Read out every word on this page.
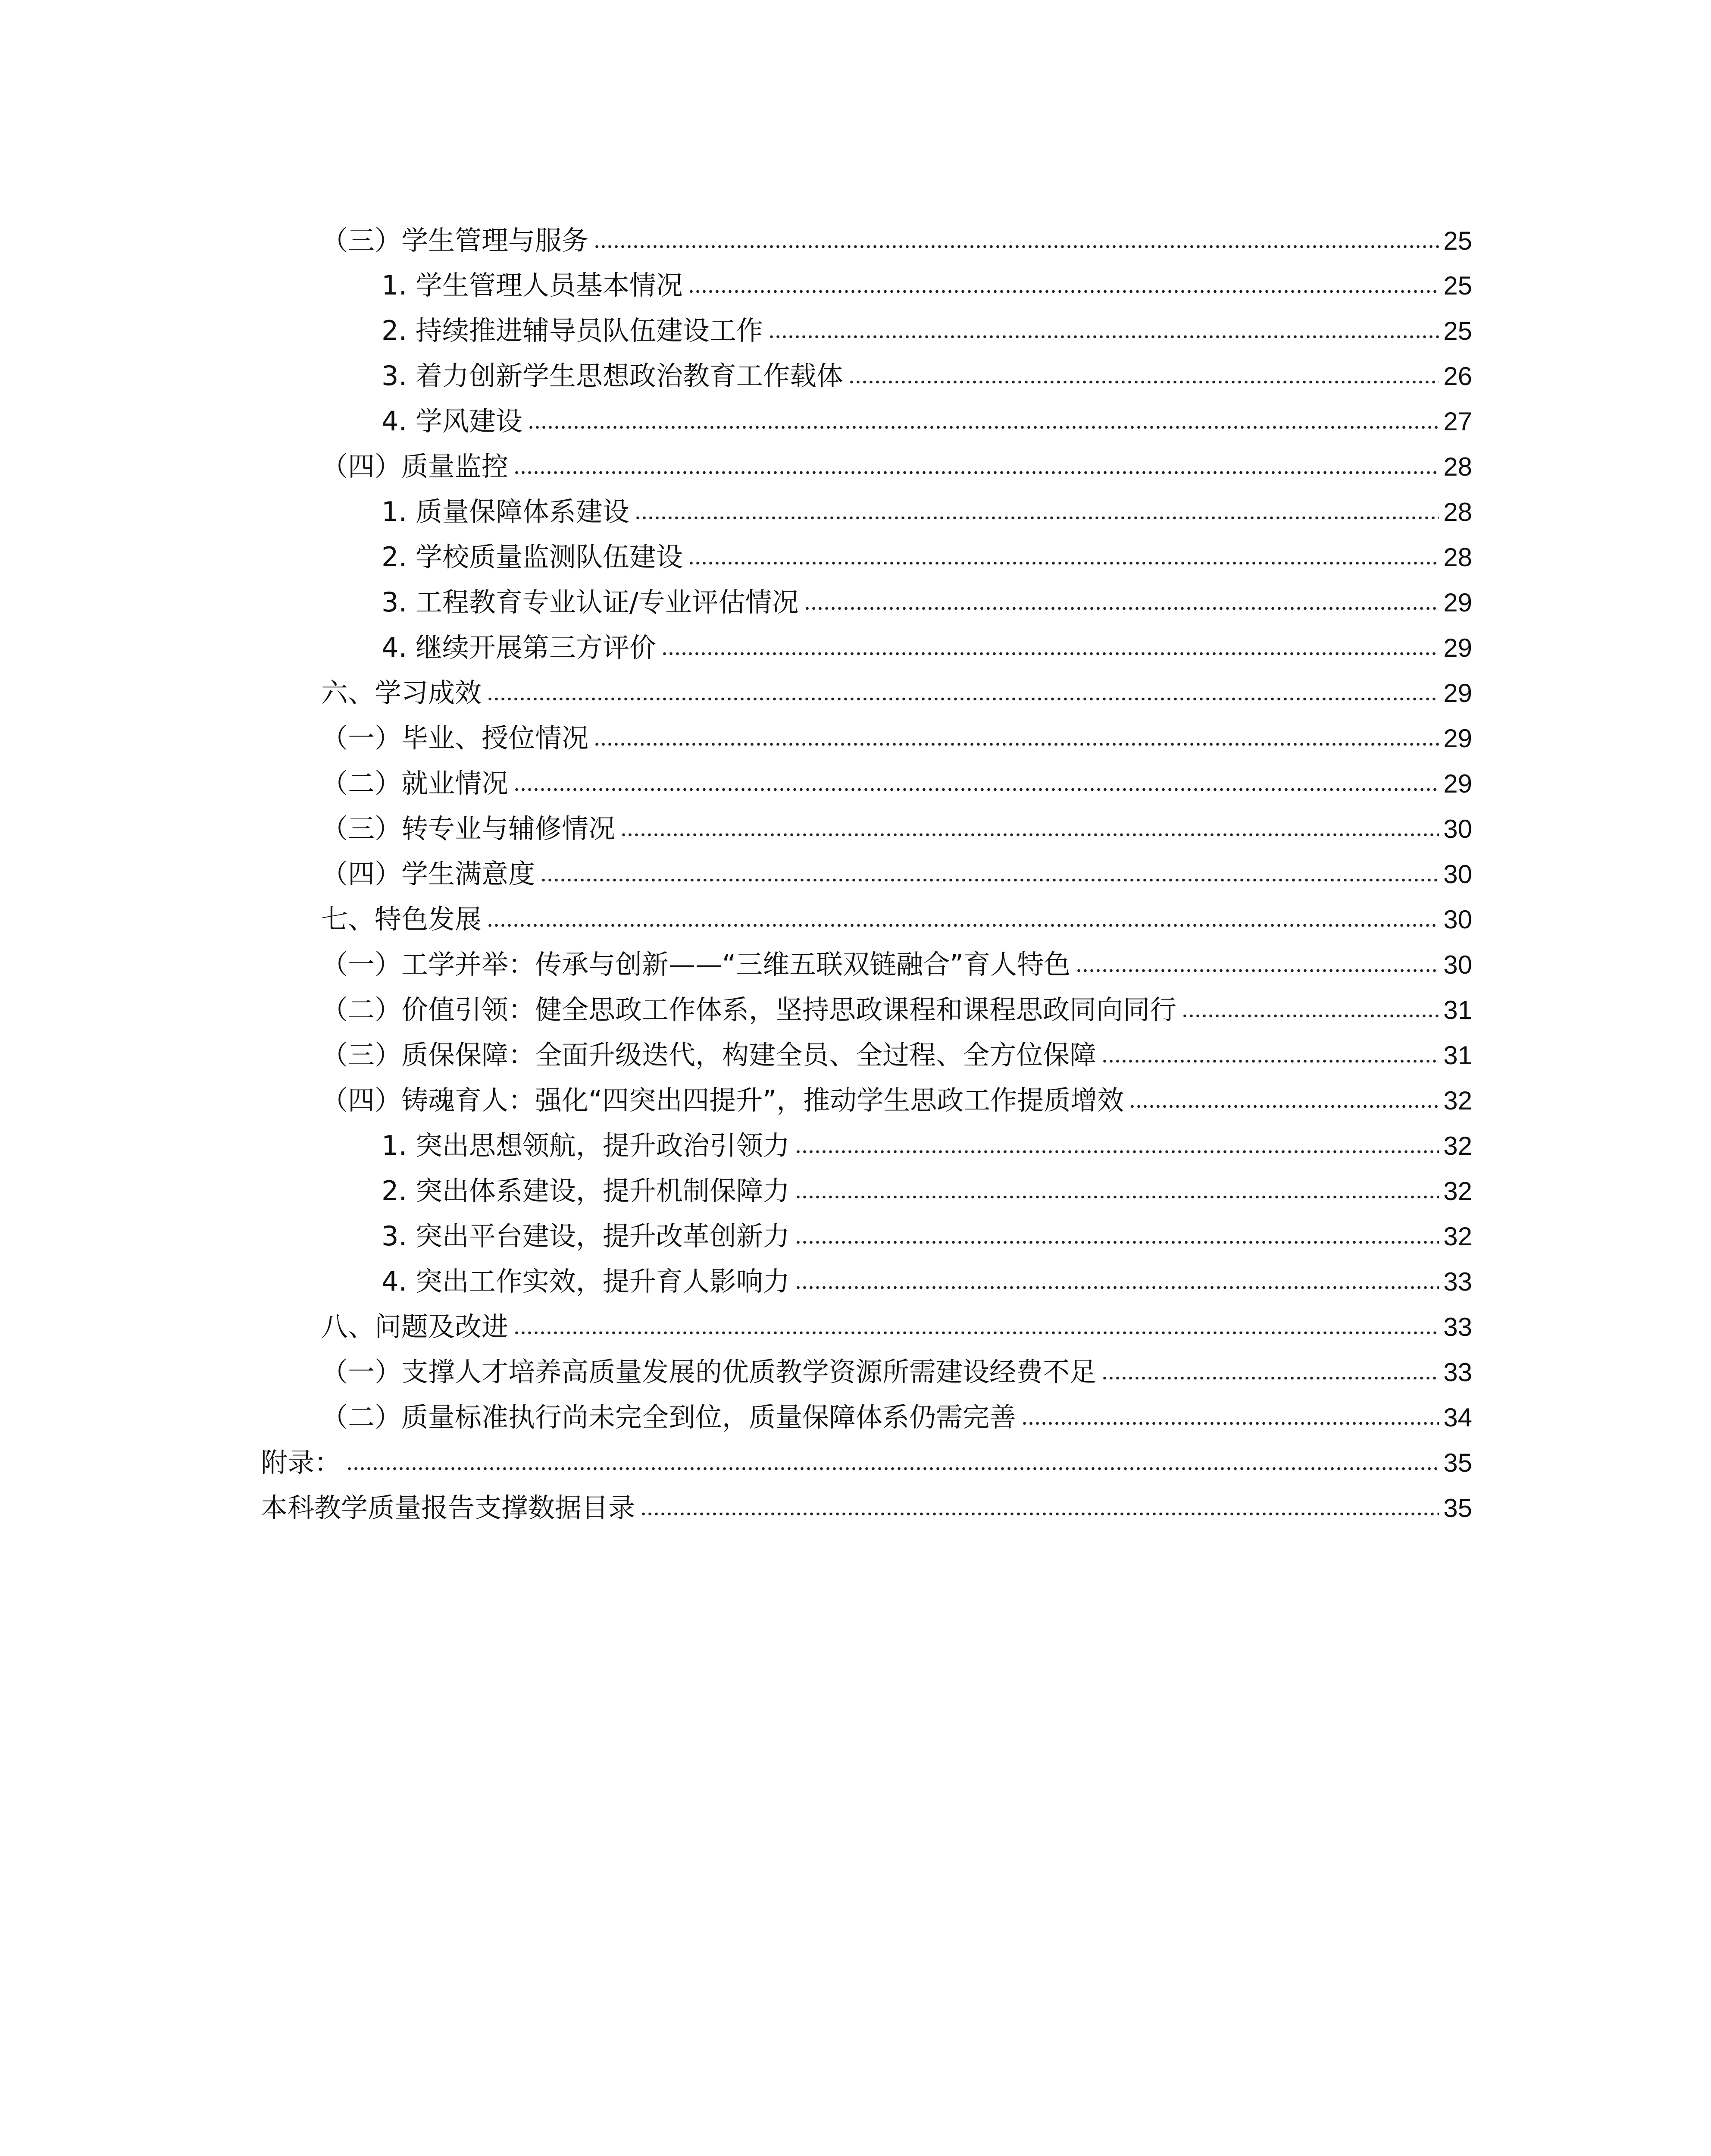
（三）学生管理与服务	25
1. 学生管理人员基本情况	25
2. 持续推进辅导员队伍建设工作	25
3. 着力创新学生思想政治教育工作载体	26
4. 学风建设	27
（四）质量监控	28
1. 质量保障体系建设	28
2. 学校质量监测队伍建设	28
3. 工程教育专业认证/专业评估情况	29
4. 继续开展第三方评价	29
六、学习成效	29
（一）毕业、授位情况	29
（二）就业情况	29
（三）转专业与辅修情况	30
（四）学生满意度	30
七、特色发展	30
（一）工学并举：传承与创新——“三维五联双链融合”育人特色	30
（二）价值引领：健全思政工作体系，坚持思政课程和课程思政同向同行	31
（三）质保保障：全面升级迭代，构建全员、全过程、全方位保障	31
（四）铸魂育人：强化“四突出四提升”，推动学生思政工作提质增效	32
1. 突出思想领航，提升政治引领力	32
2. 突出体系建设，提升机制保障力	32
3. 突出平台建设，提升改革创新力	32
4. 突出工作实效，提升育人影响力	33
八、问题及改进	33
（一）支撑人才培养高质量发展的优质教学资源所需建设经费不足	33
（二）质量标准执行尚未完全到位，质量保障体系仍需完善	34
附录：	35
本科教学质量报告支撑数据目录	35
